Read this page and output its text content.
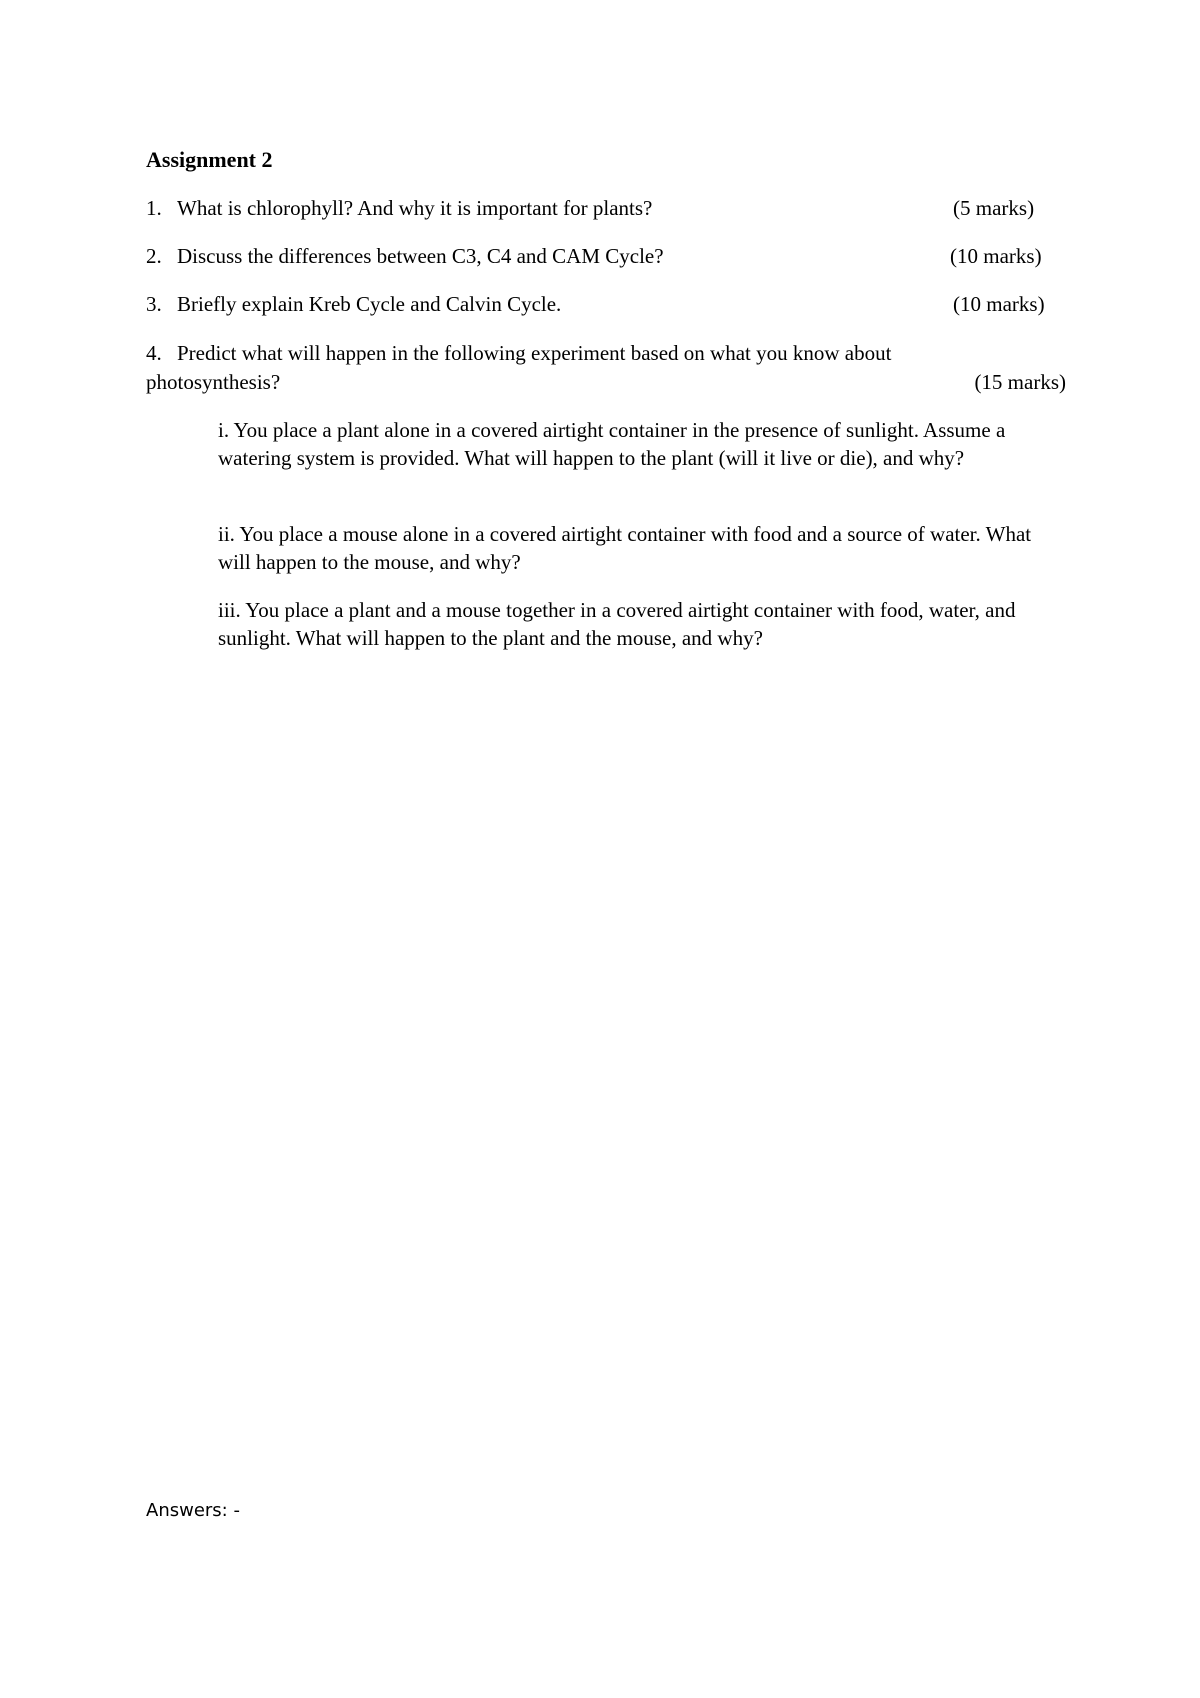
Assignment 2
1. What is chlorophyll? And why it is important for plants?	(5 marks)
2. Discuss the differences between C3, C4 and CAM Cycle?	(10 marks)
3. Briefly explain Kreb Cycle and Calvin Cycle.	(10 marks)
4. Predict what will happen in the following experiment based on what you know about
photosynthesis?	(15 marks)
i. You place a plant alone in a covered airtight container in the presence of sunlight. Assume a watering system is provided. What will happen to the plant (will it live or die), and why?
ii. You place a mouse alone in a covered airtight container with food and a source of water. What will happen to the mouse, and why?
iii. You place a plant and a mouse together in a covered airtight container with food, water, and sunlight. What will happen to the plant and the mouse, and why?
Answers: -
